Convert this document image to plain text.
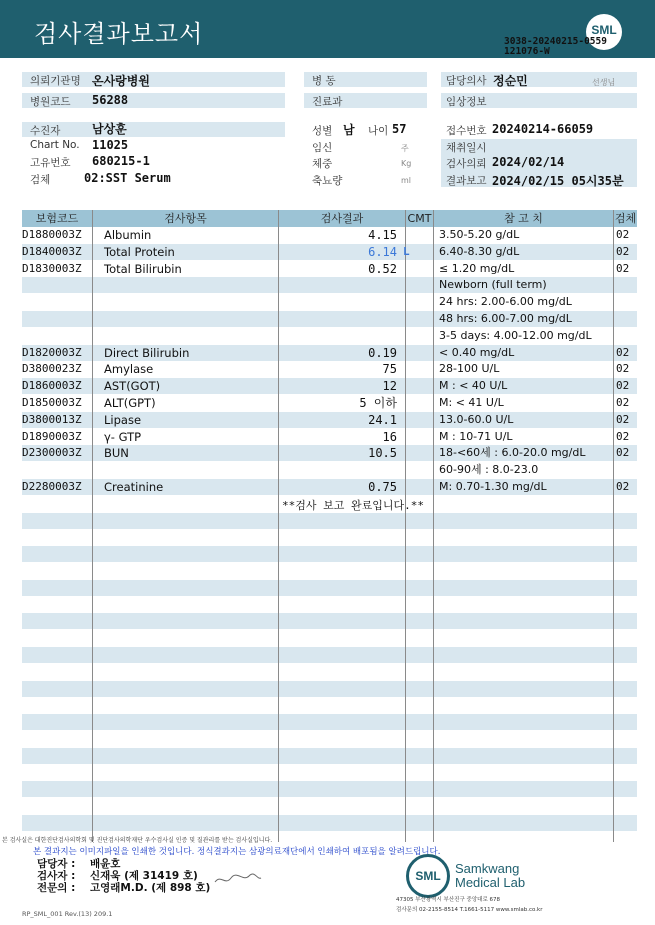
검사결과보고서	SML
3038-20240215-0559
121076-W
의뢰기관명 온사랑병원
병원코드 56288
병 동
진료과
담당의사 정순민	선생님
임상정보
수진자	남상훈
Chart No. 11025
고유번호 680215-1
검체	02:SST Serum
성별 남 나이 57
임신	주
체중	Kg
축뇨량	ml
접수번호 20240214-66059
채취일시
검사의뢰 2024/02/14
결과보고 2024/02/15 05시35분
보험코드	검사항목	검사결과	CMT	참 고 치	검체
D1880003Z Albumin	4.15	3.50-5.20 g/dL	02
D1840003Z Total Protein	6.14 L	6.40-8.30 g/dL	02
D1830003Z Total Bilirubin	0.52	≤ 1.20 mg/dL	02
Newborn (full term)
24 hrs: 2.00-6.00 mg/dL
48 hrs: 6.00-7.00 mg/dL
3-5 days: 4.00-12.00 mg/dL
D1820003Z Direct Bilirubin	0.19	< 0.40 mg/dL	02
D3800023Z Amylase	75	28-100 U/L	02
D1860003Z AST(GOT)	12	M : < 40 U/L	02
D1850003Z ALT(GPT)	5 이하	M: < 41 U/L	02
D3800013Z Lipase	24.1	13.0-60.0 U/L	02
D1890003Z γ- GTP	16	M : 10-71 U/L	02
D2300003Z BUN	10.5	18-<60세 : 6.0-20.0 mg/dL	02
60-90세 : 8.0-23.0
D2280003Z Creatinine	0.75	M: 0.70-1.30 mg/dL	02
**검사 보고 완료입니다.**
본 검사실은 대한진단검사의학회 및 진단검사의학재단 우수검사실 인증 및 질관리를 받는 검사실입니다.
본 결과지는 이미지파일을 인쇄한 것입니다. 정식결과지는 삼광의료재단에서 인쇄하여 배포됨을 알려드립니다.
담당자 : 배윤호
검사자 : 신재욱 (제 31419 호)
전문의 : 고영래M.D. (제 898 호)
RP_SML_001 Rev.(13) 209.1
SML	Samkwang
Medical Lab
47305 부산광역시 부산진구 중앙대로 678
검사문의 02-2155-8514 T.1661-5117 www.smlab.co.kr
